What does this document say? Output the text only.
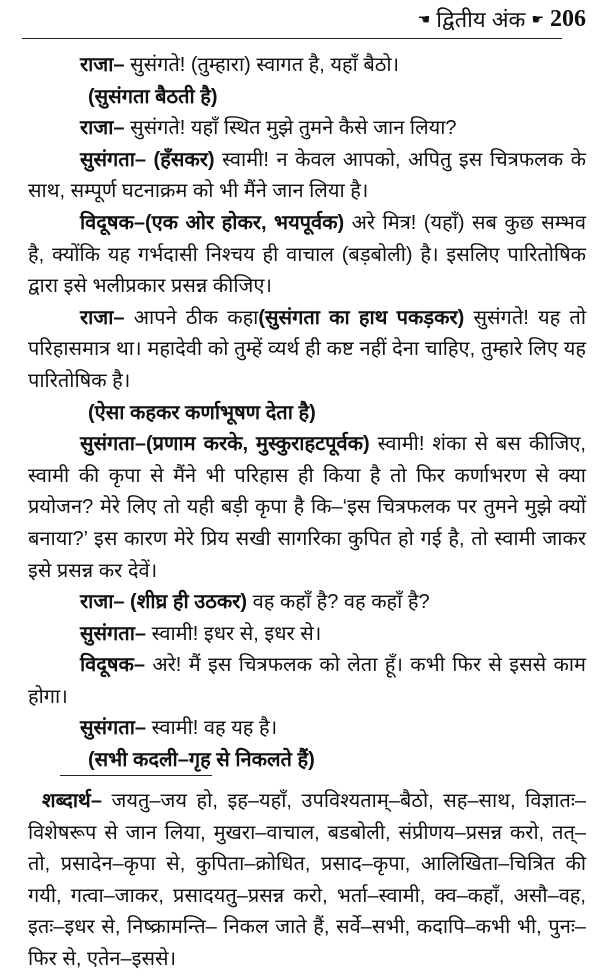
☚ द्वितीय अंक ☛ 206

राजा– सुसंगते! (तुम्हारा) स्वागत है, यहाँ बैठो।

(सुसंगता बैठती है)

राजा– सुसंगते! यहाँ स्थित मुझे तुमने कैसे जान लिया?

सुसंगता– (हँसकर) स्वामी! न केवल आपको, अपितु इस चित्रफलक के साथ, सम्पूर्ण घटनाक्रम को भी मैंने जान लिया है।

विदूषक–(एक ओर होकर, भयपूर्वक) अरे मित्र! (यहाँ) सब कुछ सम्भव है, क्योंकि यह गर्भदासी निश्चय ही वाचाल (बड़बोली) है। इसलिए पारितोषिक द्वारा इसे भलीप्रकार प्रसन्न कीजिए।

राजा– आपने ठीक कहा(सुसंगता का हाथ पकड़कर) सुसंगते! यह तो परिहासमात्र था। महादेवी को तुम्हें व्यर्थ ही कष्ट नहीं देना चाहिए, तुम्हारे लिए यह पारितोषिक है।

(ऐसा कहकर कर्णाभूषण देता है)

सुसंगता–(प्रणाम करके, मुस्कुराहटपूर्वक) स्वामी! शंका से बस कीजिए, स्वामी की कृपा से मैंने भी परिहास ही किया है तो फिर कर्णाभरण से क्या प्रयोजन? मेरे लिए तो यही बड़ी कृपा है कि–‘इस चित्रफलक पर तुमने मुझे क्यों बनाया?’ इस कारण मेरे प्रिय सखी सागरिका कुपित हो गई है, तो स्वामी जाकर इसे प्रसन्न कर देवें।

राजा– (शीघ्र ही उठकर) वह कहाँ है? वह कहाँ है?

सुसंगता– स्वामी! इधर से, इधर से।

विदूषक– अरे! मैं इस चित्रफलक को लेता हूँ। कभी फिर से इससे काम होगा।

सुसंगता– स्वामी! वह यह है।

(सभी कदली–गृह से निकलते हैं)

शब्दार्थ– जयतु–जय हो, इह–यहाँ, उपविश्यताम्–बैठो, सह–साथ, विज्ञातः–विशेषरूप से जान लिया, मुखरा–वाचाल, बडबोली, संप्रीणय–प्रसन्न करो, तत्–तो, प्रसादेन–कृपा से, कुपिता–क्रोधित, प्रसाद–कृपा, आलिखिता–चित्रित की गयी, गत्वा–जाकर, प्रसादयतु–प्रसन्न करो, भर्ता–स्वामी, क्व–कहाँ, असौ–वह, इतः–इधर से, निष्क्रामन्ति– निकल जाते हैं, सर्वे–सभी, कदापि–कभी भी, पुनः–फिर से, एतेन–इससे।
